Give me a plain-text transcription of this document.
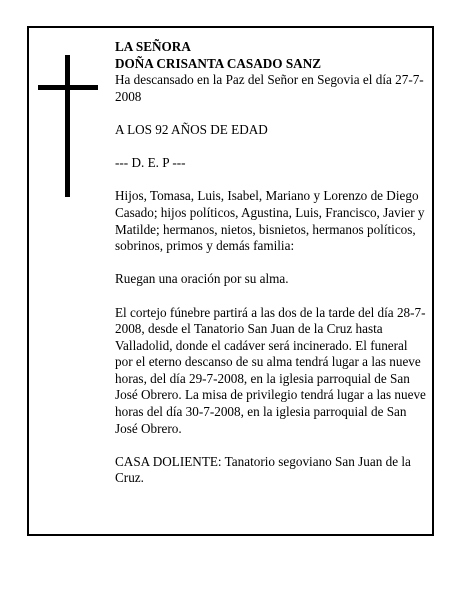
LA SEÑORA

DOÑA CRISANTA CASADO SANZ

Ha descansado en la Paz del Señor en Segovia el día 27-7-2008

A LOS 92 AÑOS DE EDAD

--- D. E. P ---

Hijos, Tomasa, Luis, Isabel, Mariano y Lorenzo de Diego Casado; hijos políticos, Agustina, Luis, Francisco, Javier y Matilde; hermanos, nietos, bisnietos, hermanos políticos, sobrinos, primos y demás familia:

Ruegan una oración por su alma.

El cortejo fúnebre partirá a las dos de la tarde del día 28-7-2008, desde el Tanatorio San Juan de la Cruz hasta Valladolid, donde el cadáver será incinerado. El funeral por el eterno descanso de su alma tendrá lugar a las nueve horas, del día 29-7-2008, en la iglesia parroquial de San José Obrero. La misa de privilegio tendrá lugar a las nueve horas del día 30-7-2008, en la iglesia parroquial de San José Obrero.

CASA DOLIENTE: Tanatorio segoviano San Juan de la Cruz.
